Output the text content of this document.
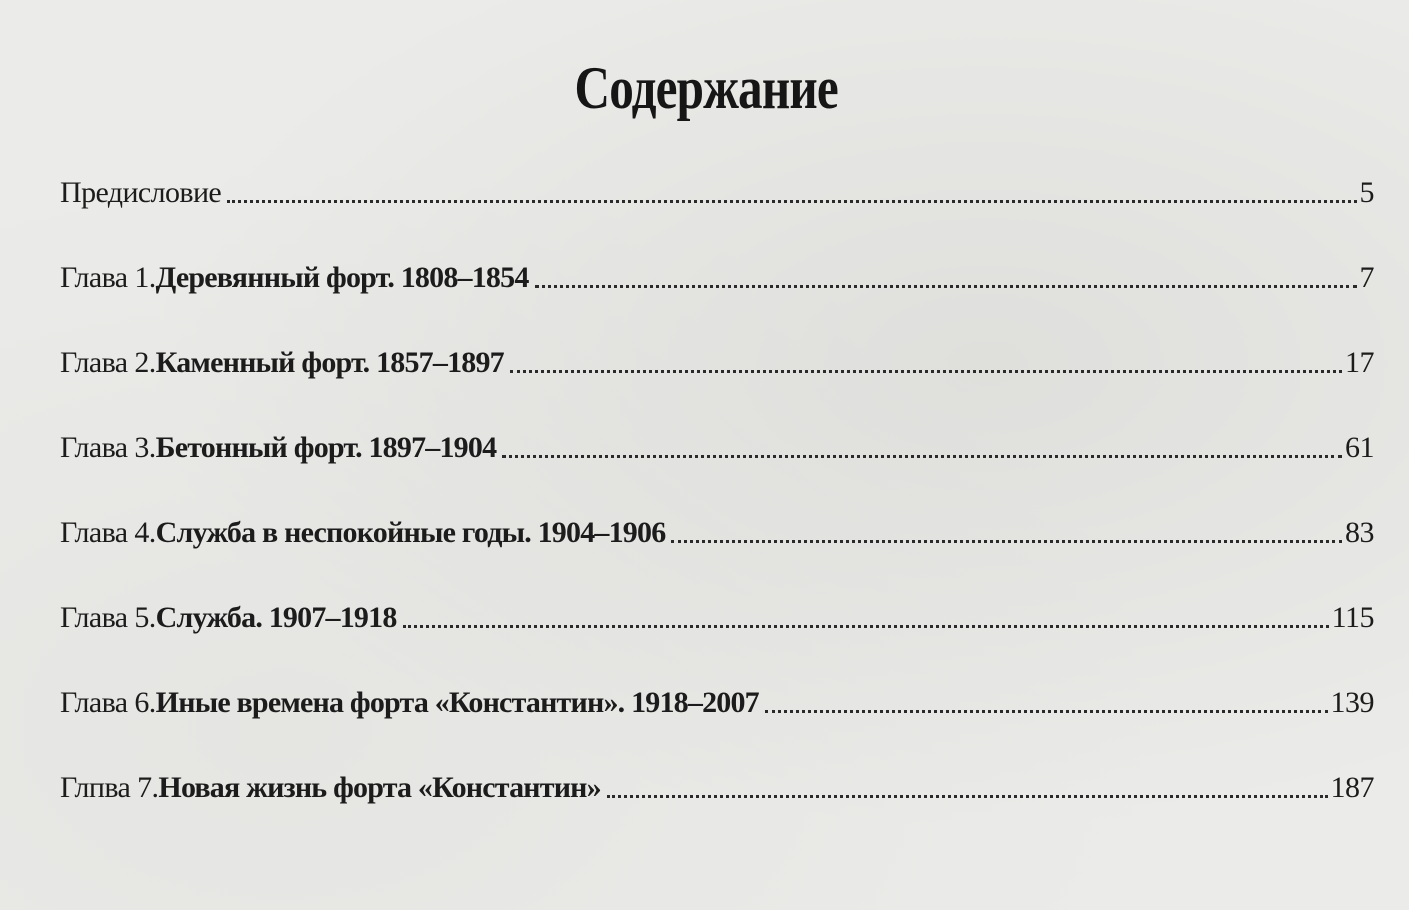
Содержание
Предисловие	5
Глава 1. Деревянный форт. 1808–1854	7
Глава 2. Каменный форт. 1857–1897	17
Глава 3. Бетонный форт. 1897–1904	61
Глава 4. Служба в неспокойные годы. 1904–1906	83
Глава 5. Служба. 1907–1918	115
Глава 6. Иные времена форта «Константин». 1918–2007	139
Глпва 7. Новая жизнь форта «Константин»	187
